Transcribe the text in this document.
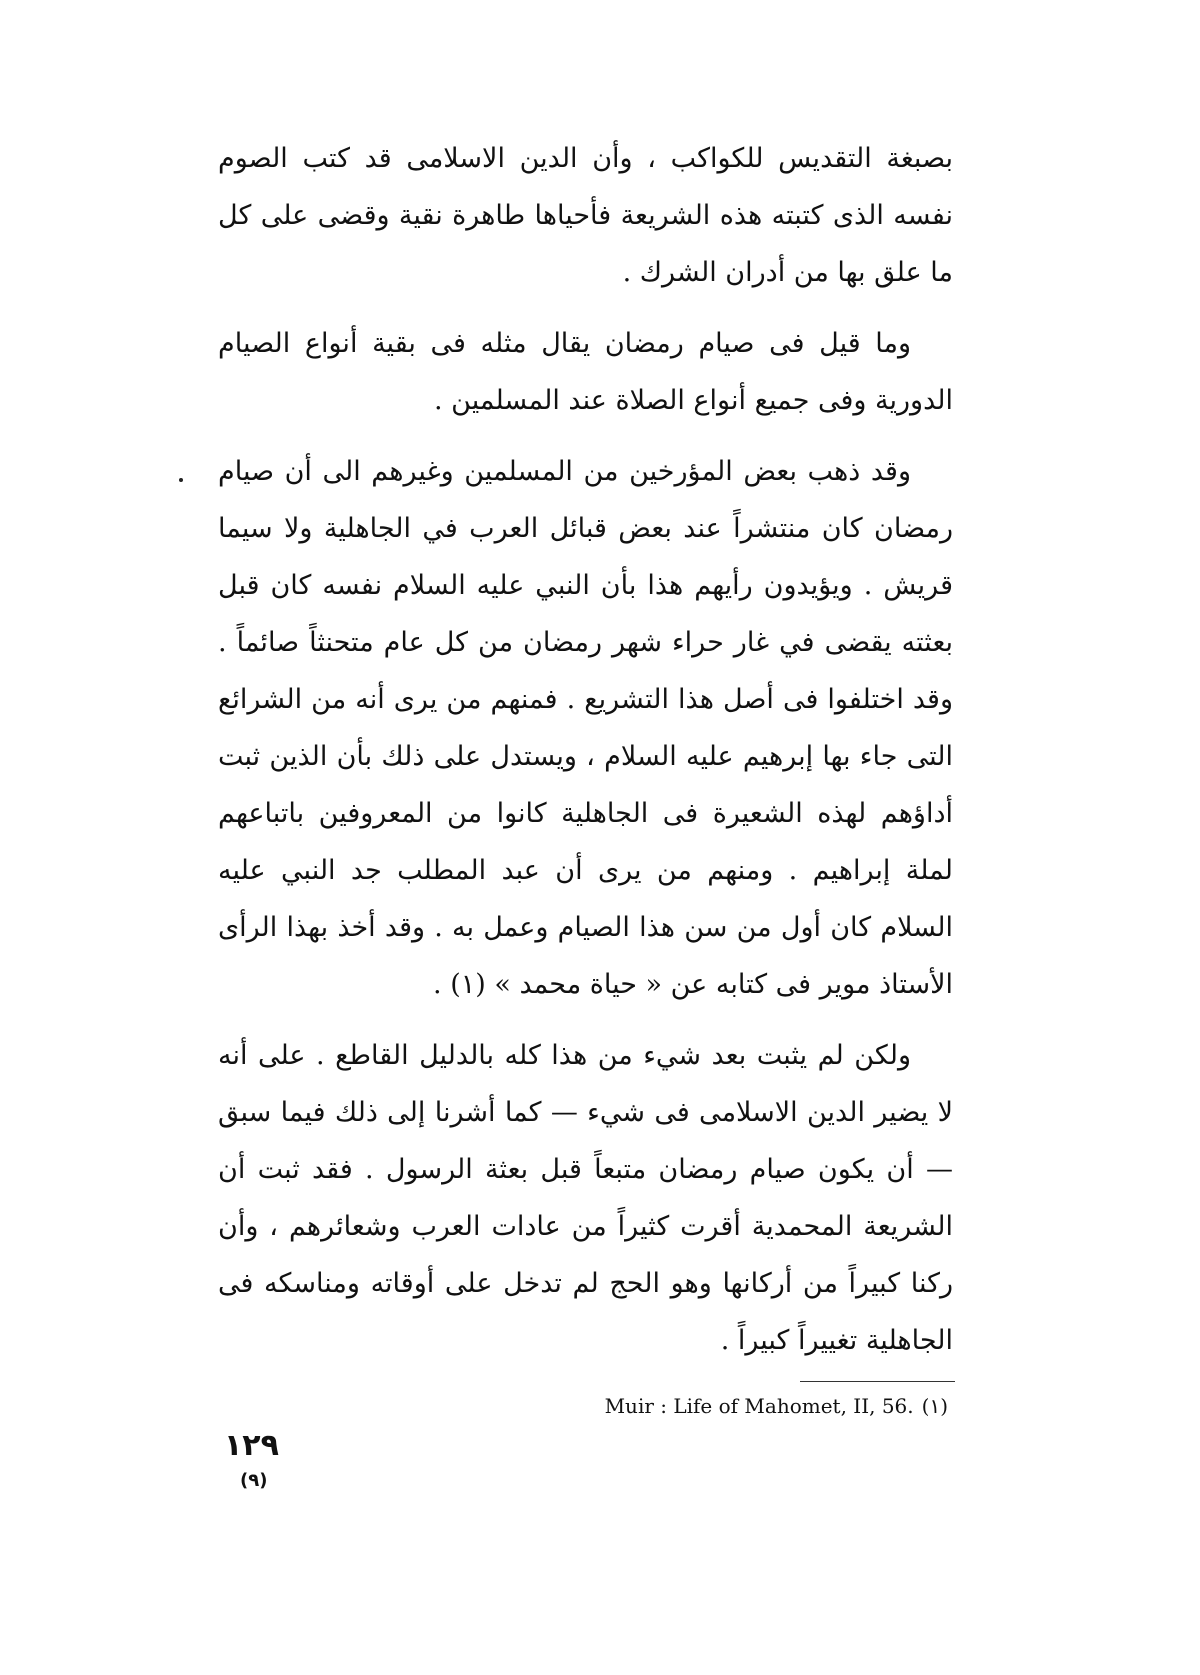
بصبغة التقديس للكواكب ، وأن الدين الاسلامى قد كتب الصوم نفسه الذى كتبته هذه الشريعة فأحياها طاهرة نقية وقضى على كل ما علق بها من أدران الشرك .

وما قيل فى صيام رمضان يقال مثله فى بقية أنواع الصيام الدورية وفى جميع أنواع الصلاة عند المسلمين .

وقد ذهب بعض المؤرخين من المسلمين وغيرهم الى أن صيام رمضان كان منتشراً عند بعض قبائل العرب في الجاهلية ولا سيما قريش . ويؤيدون رأيهم هذا بأن النبي عليه السلام نفسه كان قبل بعثته يقضى في غار حراء شهر رمضان من كل عام متحنثاً صائماً . وقد اختلفوا فى أصل هذا التشريع . فمنهم من يرى أنه من الشرائع التى جاء بها إبرهيم عليه السلام ، ويستدل على ذلك بأن الذين ثبت أداؤهم لهذه الشعيرة فى الجاهلية كانوا من المعروفين باتباعهم لملة إبراهيم . ومنهم من يرى أن عبد المطلب جد النبي عليه السلام كان أول من سن هذا الصيام وعمل به . وقد أخذ بهذا الرأى الأستاذ موير فى كتابه عن « حياة محمد » (١) .

ولكن لم يثبت بعد شيء من هذا كله بالدليل القاطع . على أنه لا يضير الدين الاسلامى فى شيء — كما أشرنا إلى ذلك فيما سبق — أن يكون صيام رمضان متبعاً قبل بعثة الرسول . فقد ثبت أن الشريعة المحمدية أقرت كثيراً من عادات العرب وشعائرهم ، وأن ركنا كبيراً من أركانها وهو الحج لم تدخل على أوقاته ومناسكه فى الجاهلية تغييراً كبيراً .

Muir : Life of Mahomet, II, 56. (١)
١٢٩
(٩)
